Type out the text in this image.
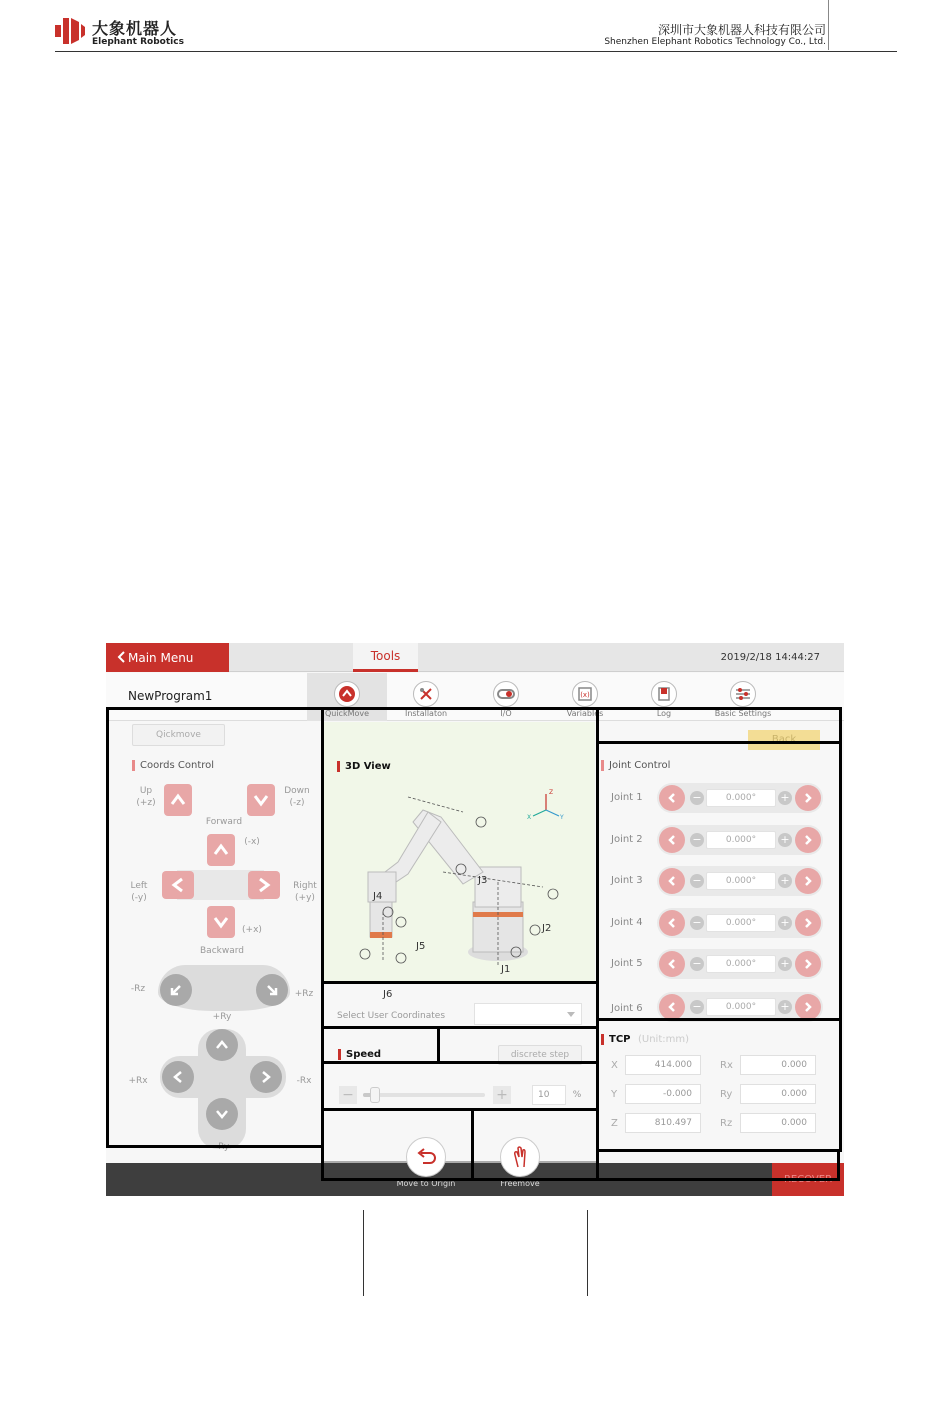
大象机器人
Elephant Robotics
深圳市大象机器人科技有限公司
Shenzhen Elephant Robotics Technology Co., Ltd.
Main Menu	Tools	2019/2/18 14:44:27
NewProgram1
QuickMove	Installaton	I/O
(x)
Variables	Log	Basic Settings
Qickmove
Coords Control
Up
(+z)
Down
(-z)
Forward
(-x)
Left
(-y)
Right
(+y)
(+x)
Backward
-Rz	+Rz
+Ry
+Rx	-Rx
-Ry
3D View
Z
X	Y
J1
J2
J3
J4
J5
J6
Select User Coordinates
Speed	discrete step
−	+	10	%
Back
Joint Control
Joint 1	−	0.000°	+
Joint 2	−	0.000°	+
Joint 3	−	0.000°	+
Joint 4	−	0.000°	+
Joint 5	−	0.000°	+
Joint 6	−	0.000°	+
TCP (Unit:mm)
X	414.000	Rx	0.000
Y	-0.000	Ry	0.000
Z	810.497	Rz	0.000
RECOVER
Move to Origin	Freemove
